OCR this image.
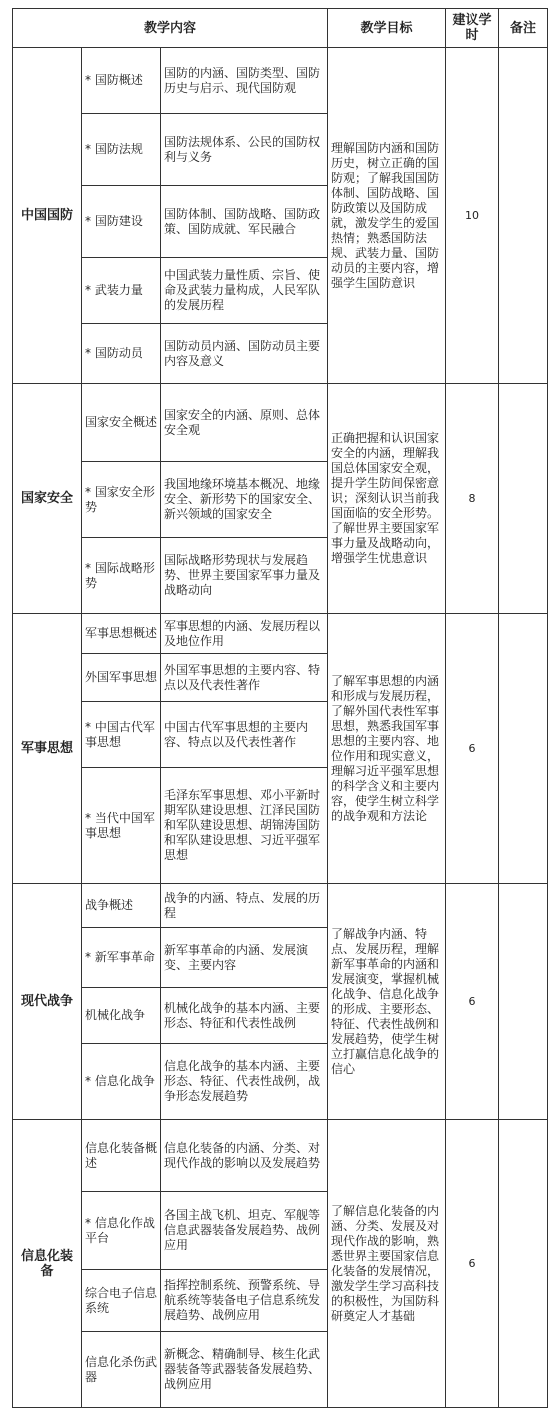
教学内容			教学目标	建议学时	备注
中国国防	* 国防概述	国防的内涵、国防类型、国防历史与启示、现代国防观	理解国防内涵和国防历史，树立正确的国防观；了解我国国防体制、国防战略、国防政策以及国防成就，激发学生的爱国热情；熟悉国防法规、武装力量、国防动员的主要内容，增强学生国防意识	10	
	* 国防法规	国防法规体系、公民的国防权利与义务			
	* 国防建设	国防体制、国防战略、国防政策、国防成就、军民融合			
	* 武装力量	中国武装力量性质、宗旨、使命及武装力量构成，人民军队的发展历程			
	* 国防动员	国防动员内涵、国防动员主要内容及意义			
国家安全	国家安全概述	国家安全的内涵、原则、总体安全观	正确把握和认识国家安全的内涵，理解我国总体国家安全观，提升学生防间保密意识；深刻认识当前我国面临的安全形势。了解世界主要国家军事力量及战略动向，增强学生忧患意识	8	
	* 国家安全形势	我国地缘环境基本概况、地缘安全、新形势下的国家安全、新兴领域的国家安全			
	* 国际战略形势	国际战略形势现状与发展趋势、世界主要国家军事力量及战略动向			
军事思想	军事思想概述	军事思想的内涵、发展历程以及地位作用	了解军事思想的内涵和形成与发展历程，了解外国代表性军事思想，熟悉我国军事思想的主要内容、地位作用和现实意义，理解习近平强军思想的科学含义和主要内容，使学生树立科学的战争观和方法论	6	
	外国军事思想	外国军事思想的主要内容、特点以及代表性著作			
	* 中国古代军事思想	中国古代军事思想的主要内容、特点以及代表性著作			
	* 当代中国军事思想	毛泽东军事思想、邓小平新时期军队建设思想、江泽民国防和军队建设思想、胡锦涛国防和军队建设思想、习近平强军思想			
现代战争	战争概述	战争的内涵、特点、发展的历程	了解战争内涵、特点、发展历程，理解新军事革命的内涵和发展演变，掌握机械化战争、信息化战争的形成、主要形态、特征、代表性战例和发展趋势，使学生树立打赢信息化战争的信心	6	
	* 新军事革命	新军事革命的内涵、发展演变、主要内容			
	机械化战争	机械化战争的基本内涵、主要形态、特征和代表性战例			
	* 信息化战争	信息化战争的基本内涵、主要形态、特征、代表性战例，战争形态发展趋势			
信息化装备	信息化装备概述	信息化装备的内涵、分类、对现代作战的影响以及发展趋势	了解信息化装备的内涵、分类、发展及对现代作战的影响，熟悉世界主要国家信息化装备的发展情况，激发学生学习高科技的积极性，为国防科研奠定人才基础	6	
	* 信息化作战平台	各国主战飞机、坦克、军舰等信息武器装备发展趋势、战例应用			
	综合电子信息系统	指挥控制系统、预警系统、导航系统等装备电子信息系统发展趋势、战例应用			
	信息化杀伤武器	新概念、精确制导、核生化武器装备等武器装备发展趋势、战例应用			
